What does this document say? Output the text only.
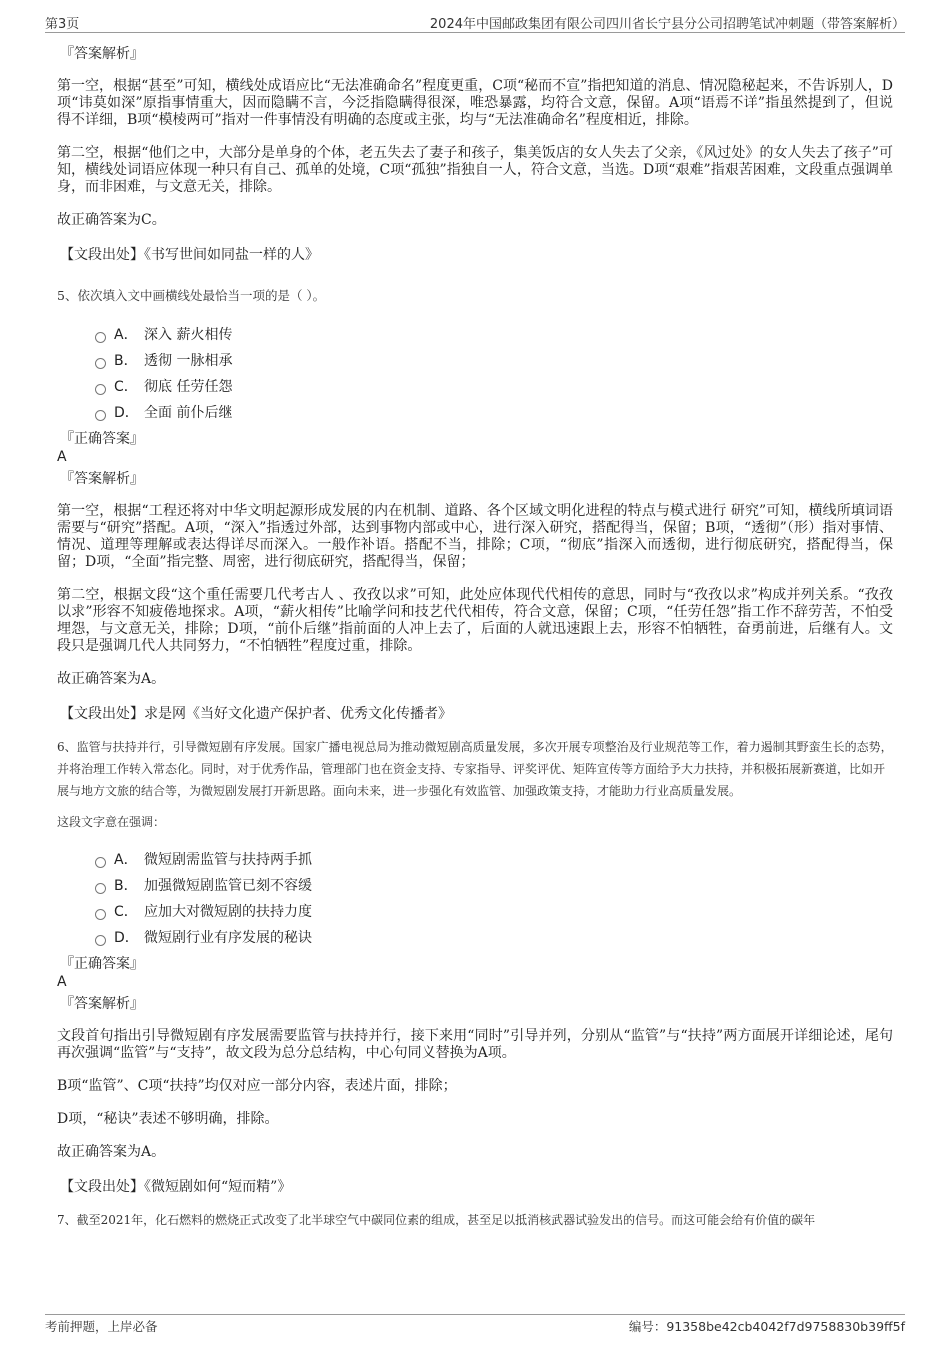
第3页	2024年中国邮政集团有限公司四川省长宁县分公司招聘笔试冲刺题（带答案解析）
『答案解析』

第一空，根据“甚至”可知，横线处成语应比“无法准确命名”程度更重，C项“秘而不宣”指把知道的消息、情况隐秘起来，不告诉别人，D项“讳莫如深”原指事情重大，因而隐瞒不言，今泛指隐瞒得很深，唯恐暴露，均符合文意，保留。A项“语焉不详”指虽然提到了，但说得不详细，B项“模棱两可”指对一件事情没有明确的态度或主张，均与“无法准确命名”程度相近，排除。

第二空，根据“他们之中，大部分是单身的个体，老五失去了妻子和孩子，集美饭店的女人失去了父亲，《风过处》的女人失去了孩子”可知，横线处词语应体现一种只有自己、孤单的处境，C项“孤独”指独自一人，符合文意，当选。D项“艰难”指艰苦困难，文段重点强调单身，而非困难，与文意无关，排除。

故正确答案为C。

【文段出处】《书写世间如同盐一样的人》
5、依次填入文中画横线处最恰当一项的是（ ）。
A． 深入 薪火相传
B． 透彻 一脉相承
C． 彻底 任劳任怨
D． 全面 前仆后继
『正确答案』
A
『答案解析』

第一空，根据“工程还将对中华文明起源形成发展的内在机制、道路、各个区域文明化进程的特点与模式进行 研究”可知，横线所填词语需要与“研究”搭配。A项，“深入”指透过外部，达到事物内部或中心，进行深入研究，搭配得当，保留；B项，“透彻”（形）指对事情、情况、道理等理解或表达得详尽而深入。一般作补语。搭配不当，排除；C项，“彻底”指深入而透彻，进行彻底研究，搭配得当，保留；D项，“全面”指完整、周密，进行彻底研究，搭配得当，保留；

第二空，根据文段“这个重任需要几代考古人 、孜孜以求”可知，此处应体现代代相传的意思，同时与“孜孜以求”构成并列关系。“孜孜以求”形容不知疲倦地探求。A项，“薪火相传”比喻学问和技艺代代相传，符合文意，保留；C项，“任劳任怨”指工作不辞劳苦，不怕受埋怨，与文意无关，排除；D项，“前仆后继”指前面的人冲上去了，后面的人就迅速跟上去，形容不怕牺牲，奋勇前进，后继有人。文段只是强调几代人共同努力，“不怕牺牲”程度过重，排除。

故正确答案为A。

【文段出处】求是网《当好文化遗产保护者、优秀文化传播者》
6、监管与扶持并行，引导微短剧有序发展。国家广播电视总局为推动微短剧高质量发展，多次开展专项整治及行业规范等工作，着力遏制其野蛮生长的态势，并将治理工作转入常态化。同时，对于优秀作品，管理部门也在资金支持、专家指导、评奖评优、矩阵宣传等方面给予大力扶持，并积极拓展新赛道，比如开展与地方文旅的结合等，为微短剧发展打开新思路。面向未来，进一步强化有效监管、加强政策支持，才能助力行业高质量发展。
这段文字意在强调：
A． 微短剧需监管与扶持两手抓
B． 加强微短剧监管已刻不容缓
C． 应加大对微短剧的扶持力度
D． 微短剧行业有序发展的秘诀
『正确答案』
A
『答案解析』

文段首句指出引导微短剧有序发展需要监管与扶持并行，接下来用“同时”引导并列，分别从“监管”与“扶持”两方面展开详细论述，尾句再次强调“监管”与“支持”，故文段为总分总结构，中心句同义替换为A项。

B项“监管”、C项“扶持”均仅对应一部分内容，表述片面，排除；

D项，“秘诀”表述不够明确，排除。

故正确答案为A。

【文段出处】《微短剧如何“短而精”》
7、截至2021年，化石燃料的燃烧正式改变了北半球空气中碳同位素的组成，甚至足以抵消核武器试验发出的信号。而这可能会给有价值的碳年
考前押题，上岸必备	编号：91358be42cb4042f7d9758830b39ff5f
